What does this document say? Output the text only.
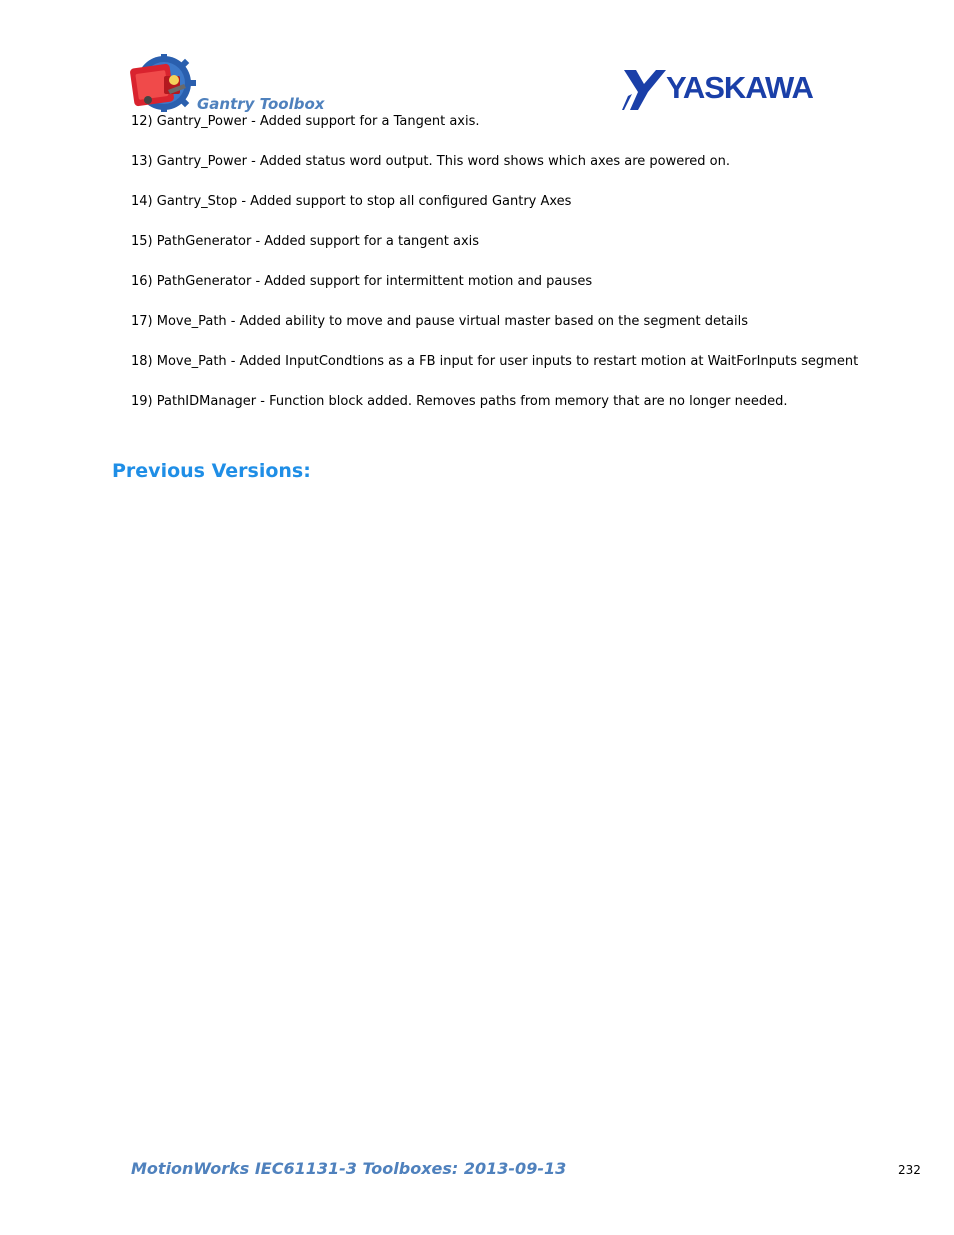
Gantry Toolbox	YASKAWA
12) Gantry_Power - Added support for a Tangent axis.
13) Gantry_Power - Added status word output. This word shows which axes are powered on.
14) Gantry_Stop - Added support to stop all configured Gantry Axes
15) PathGenerator - Added support for a tangent axis
16) PathGenerator - Added support for intermittent motion and pauses
17) Move_Path - Added ability to move and pause virtual master based on the segment details
18) Move_Path - Added InputCondtions as a FB input for user inputs to restart motion at WaitForInputs segment
19) PathIDManager - Function block added. Removes paths from memory that are no longer needed.
Previous Versions:
MotionWorks IEC61131-3 Toolboxes: 2013-09-13	232
